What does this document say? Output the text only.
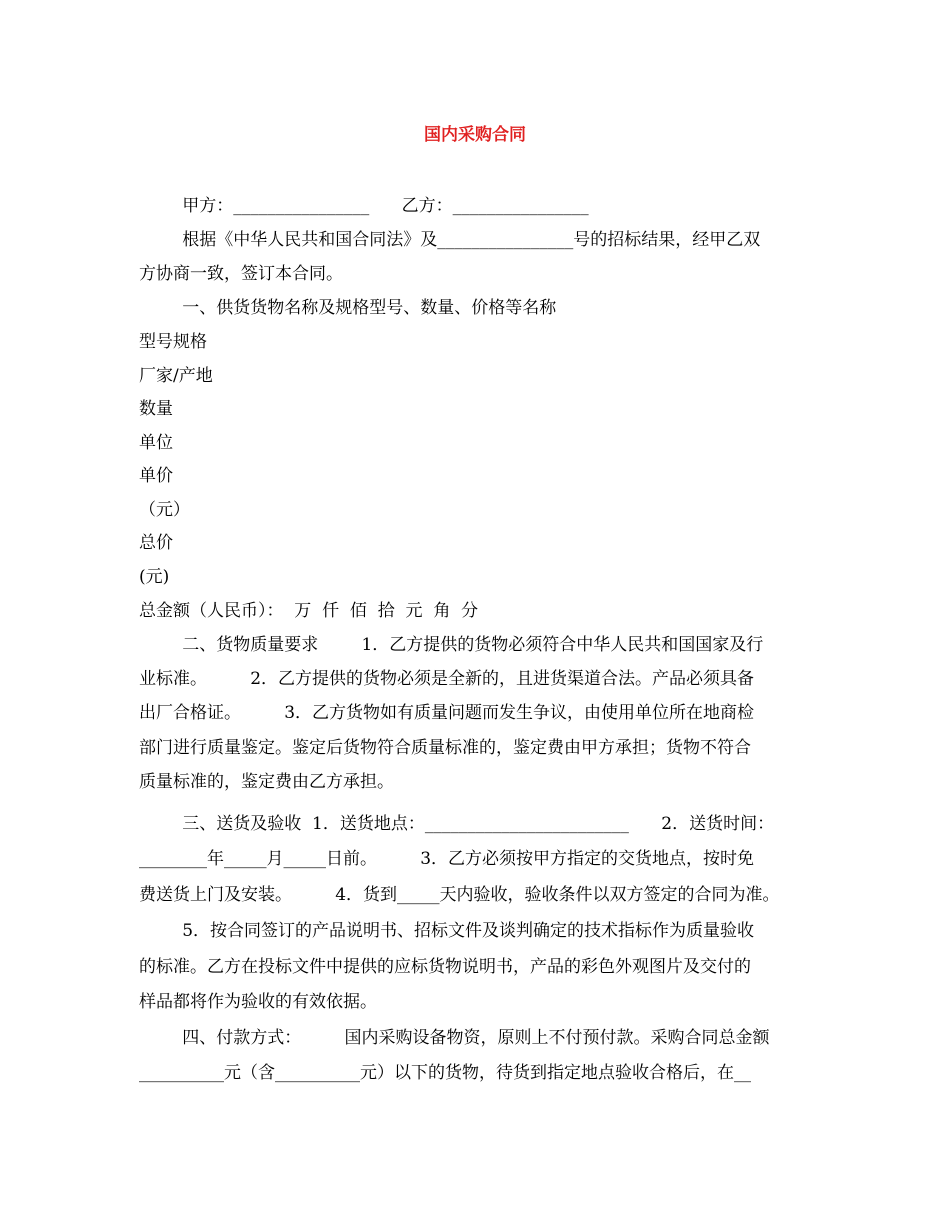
国内采购合同
甲方：________________      乙方：________________
根据《中华人民共和国合同法》及________________号的招标结果，经甲乙双
方协商一致，签订本合同。
一、供货货物名称及规格型号、数量、价格等名称
型号规格
厂家/产地
数量
单位
单价
（元）
总价
(元)
总金额（人民币）：  万  仟  佰  拾  元  角  分
二、货物质量要求        1．乙方提供的货物必须符合中华人民共和国国家及行
业标准。        2．乙方提供的货物必须是全新的，且进货渠道合法。产品必须具备
出厂合格证。        3．乙方货物如有质量问题而发生争议，由使用单位所在地商检
部门进行质量鉴定。鉴定后货物符合质量标准的，鉴定费由甲方承担；货物不符合
质量标准的，鉴定费由乙方承担。
三、送货及验收  1．送货地点：________________________      2．送货时间：
________年_____月_____日前。        3．乙方必须按甲方指定的交货地点，按时免
费送货上门及安装。        4．货到_____天内验收，验收条件以双方签定的合同为准。
5．按合同签订的产品说明书、招标文件及谈判确定的技术指标作为质量验收
的标准。乙方在投标文件中提供的应标货物说明书，产品的彩色外观图片及交付的
样品都将作为验收的有效依据。
四、付款方式：        国内采购设备物资，原则上不付预付款。采购合同总金额
__________元（含__________元）以下的货物，待货到指定地点验收合格后，在__
